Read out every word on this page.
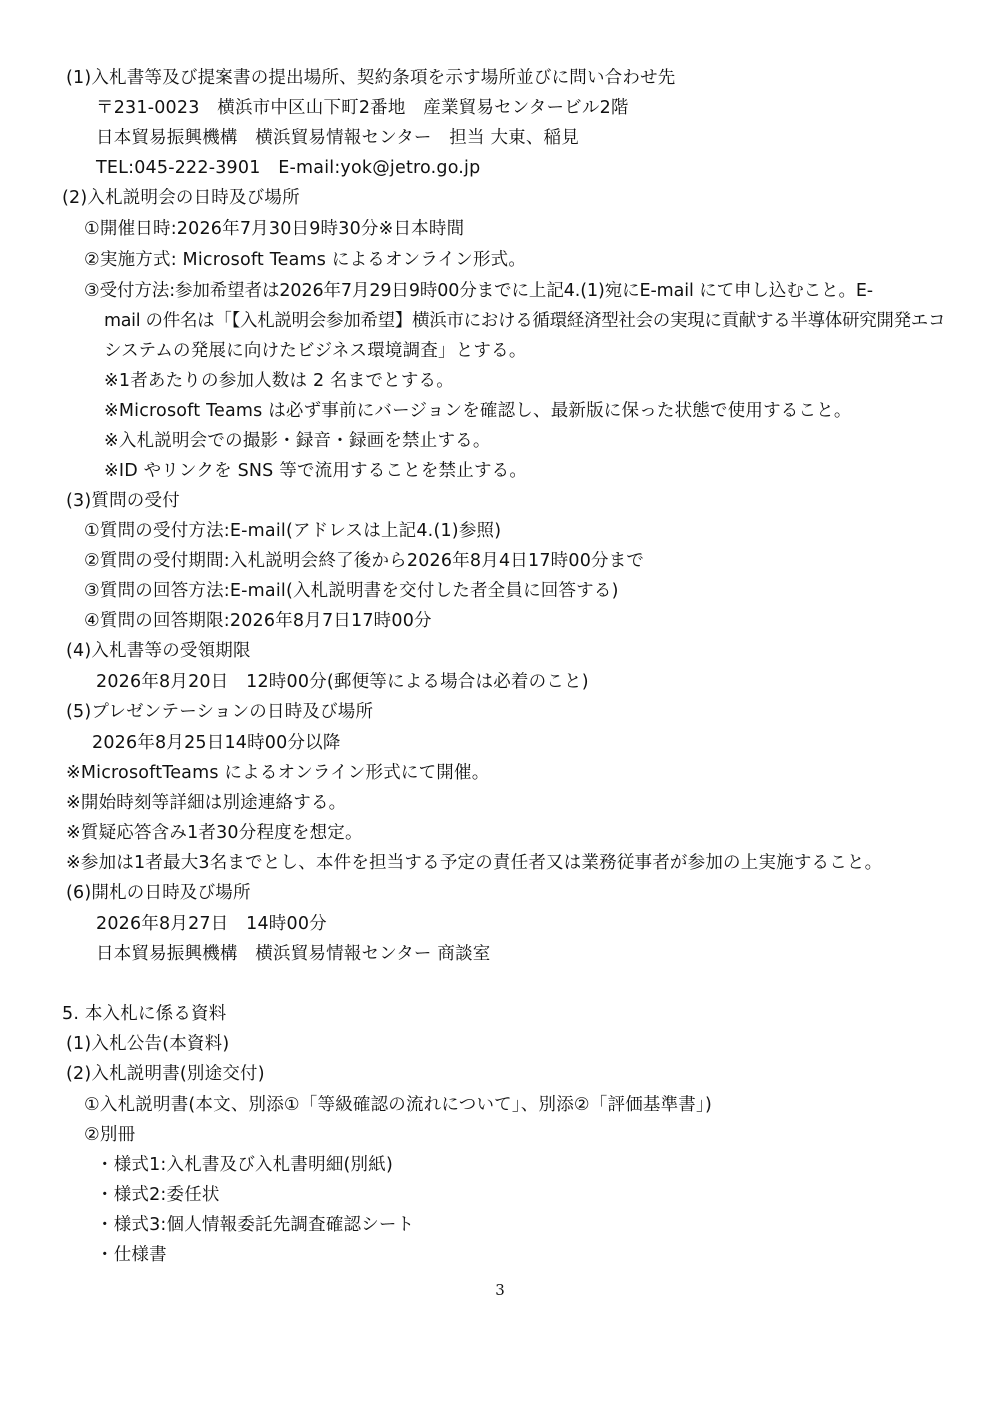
(1)入札書等及び提案書の提出場所、契約条項を示す場所並びに問い合わせ先
〒231-0023　横浜市中区山下町2番地　産業貿易センタービル2階
日本貿易振興機構　横浜貿易情報センター　担当 大東、稲見
TEL:045-222-3901　E-mail:yok@jetro.go.jp
(2)入札説明会の日時及び場所
①開催日時:2026年7月30日9時30分※日本時間
②実施方式: Microsoft Teams によるオンライン形式。
③受付方法:参加希望者は2026年7月29日9時00分までに上記4.(1)宛にE-mail にて申し込むこと。E-
mail の件名は「【入札説明会参加希望】横浜市における循環経済型社会の実現に貢献する半導体研究開発エコ
システムの発展に向けたビジネス環境調査」とする。
※1者あたりの参加人数は 2 名までとする。
※Microsoft Teams は必ず事前にバージョンを確認し、最新版に保った状態で使用すること。
※入札説明会での撮影・録音・録画を禁止する。
※ID やリンクを SNS 等で流用することを禁止する。
(3)質問の受付
①質問の受付方法:E-mail(アドレスは上記4.(1)参照)
②質問の受付期間:入札説明会終了後から2026年8月4日17時00分まで
③質問の回答方法:E-mail(入札説明書を交付した者全員に回答する)
④質問の回答期限:2026年8月7日17時00分
(4)入札書等の受領期限
2026年8月20日　12時00分(郵便等による場合は必着のこと)
(5)プレゼンテーションの日時及び場所
2026年8月25日14時00分以降
※MicrosoftTeams によるオンライン形式にて開催。
※開始時刻等詳細は別途連絡する。
※質疑応答含み1者30分程度を想定。
※参加は1者最大3名までとし、本件を担当する予定の責任者又は業務従事者が参加の上実施すること。
(6)開札の日時及び場所
2026年8月27日　14時00分
日本貿易振興機構　横浜貿易情報センター 商談室
5. 本入札に係る資料
(1)入札公告(本資料)
(2)入札説明書(別途交付)
①入札説明書(本文、別添①「等級確認の流れについて」、別添②「評価基準書」)
②別冊
・様式1:入札書及び入札書明細(別紙)
・様式2:委任状
・様式3:個人情報委託先調査確認シート
・仕様書
3
